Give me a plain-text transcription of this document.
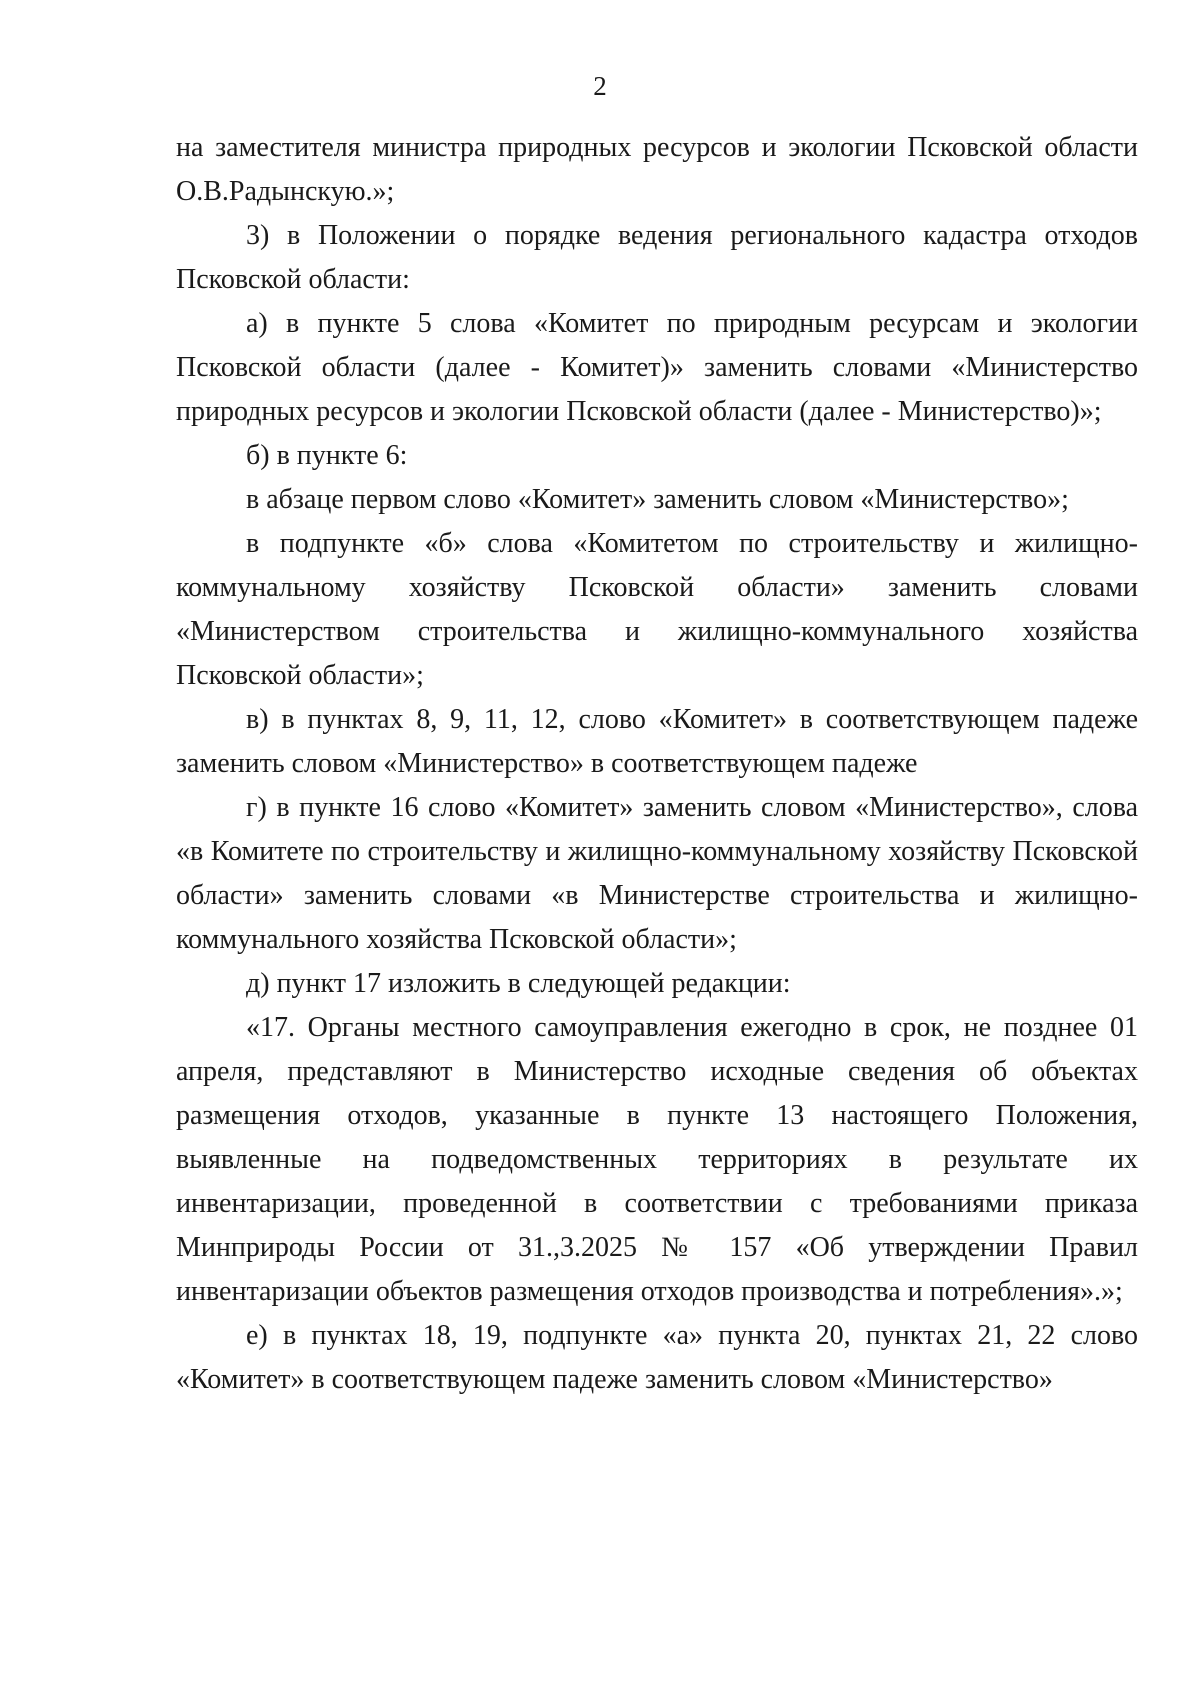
2

на заместителя министра природных ресурсов и экологии Псковской области О.В.Радынскую.»;

3) в Положении о порядке ведения регионального кадастра отходов Псковской области:

а) в пункте 5 слова «Комитет по природным ресурсам и экологии Псковской области (далее - Комитет)» заменить словами «Министерство природных ресурсов и экологии Псковской области (далее - Министерство)»;

б) в пункте 6:

в абзаце первом слово «Комитет» заменить словом «Министерство»;

в подпункте «б» слова «Комитетом по строительству и жилищно-коммунальному хозяйству Псковской области» заменить словами «Министерством строительства и жилищно-коммунального хозяйства Псковской области»;

в) в пунктах 8, 9, 11, 12, слово «Комитет» в соответствующем падеже заменить словом «Министерство» в соответствующем падеже

г) в пункте 16 слово «Комитет» заменить словом «Министерство», слова «в Комитете по строительству и жилищно-коммунальному хозяйству Псковской области» заменить словами «в Министерстве строительства и жилищно-коммунального хозяйства Псковской области»;

д) пункт 17 изложить в следующей редакции:

«17. Органы местного самоуправления ежегодно в срок, не позднее 01 апреля, представляют в Министерство исходные сведения об объектах размещения отходов, указанные в пункте 13 настоящего Положения, выявленные на подведомственных территориях в результате их инвентаризации, проведенной в соответствии с требованиями приказа Минприроды России от 31.,3.2025 № 157 «Об утверждении Правил инвентаризации объектов размещения отходов производства и потребления».»;

е) в пунктах 18, 19, подпункте «а» пункта 20, пунктах 21, 22 слово «Комитет» в соответствующем падеже заменить словом «Министерство»
